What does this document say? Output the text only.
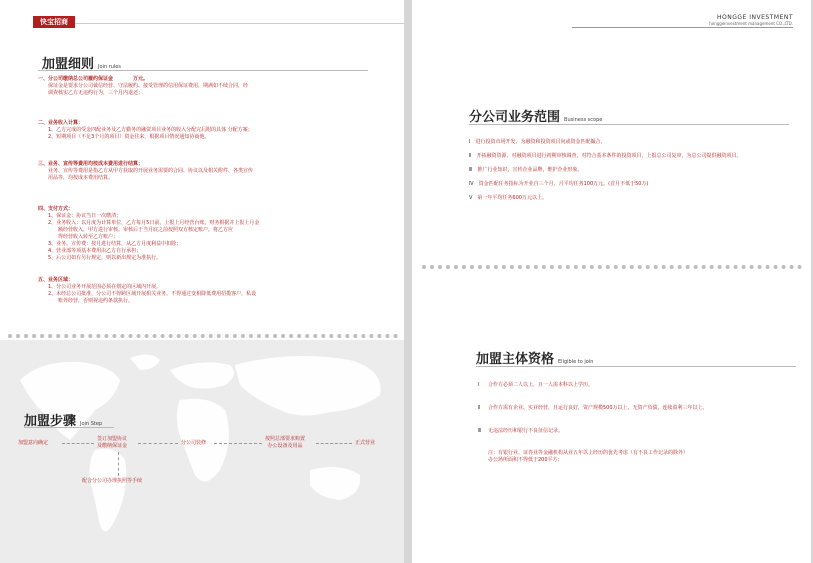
快宝招商
加盟细则 Join rules
一、分公司缴纳总公司履约保证金　　　　万元。
保证金是要求分公司诚信经营、守法履约、接受管理的信用保证费用，期满如不续合同，经
调查核实乙方无违约行为，三个月内退还；
二、业务收入计算：
1、乙方完成的受金四配业务及乙方勤务的融资项目业务的收入分配完后附的具体 分配方案；
2、短期项目（不足3个月的项目）资金往来，根据项目情况通知协商他。
三、业务、宣传等费用均按成本费用进行结算；
业务、宣传等费用是指乙方从甲方获取的开展业务需要的合同、协议以及相关附件、各类宣传
用品等，均按成本费用结算。
四、支付方式：
1、保证金：协议当日一次缴清；
2、业务收入：以月度为计算单位，乙方每月5日前，上报上月经营台账。财务根据并上报上月金
　　额经营收入，甲方进行审核。审核后于当月底之前按照双方核定账户，将乙方应
　　得经营收入转至乙方账户；
3、业务、宣传费：按月进行结算，从乙方月度利益中扣除；
4、营业部等项基本费用由乙方自行承担；
5、后公司如有另行规定，则以新出规定为准执行。
五、业务区域：
1、分公司业务开展范围必须在划定的区域内开展。
2、未经总公司批准，分公司不得跨区域开展相关业务，不得通过变相降低费用招揽客户，私设
　　账外经营，否则视违约条款执行。
加盟步骤 Join Step
加盟意向确定
签订加盟协议
及缴纳保证金	分公司装修
按照总部要求购置
办公设备及用品	正式营业
配合分公司办理执照等手续
HONGGE INVESTMENT
honggeinvestment management CO.,LTD.
分公司业务范围 Business scope
Ⅰ 进行投资市场开发，为融资和投资项目向或资金匹配撮合。
Ⅱ 开拓融资资源，对融资项目进行初期审核调查，对符合基本条件的投资项目，上报总公司复审，为总公司提供融资项目。
Ⅲ 推广行业知识，宣传企业品牌，维护企业形象。
Ⅳ 资金匹配任务指标为开业自三个月，月平均任务100万元。(首月不低于50万)
Ⅴ 第一年平均任务600万元以上。
加盟主体资格 Eligible to join
Ⅰ 合作方必须二人以上，且一人需本科以上学历。
Ⅱ 合作方需有企业、实业经营，且运行良好，资产规模500万以上，无资产负债，连续盈利三年以上。
Ⅲ 无违法经历和银行不良征信记录。
注：有银行业、证券业等金融机构从业五年以上经历的优先考虑（有不良工作记录的除外）
办公场所面积不得低于200平方；
